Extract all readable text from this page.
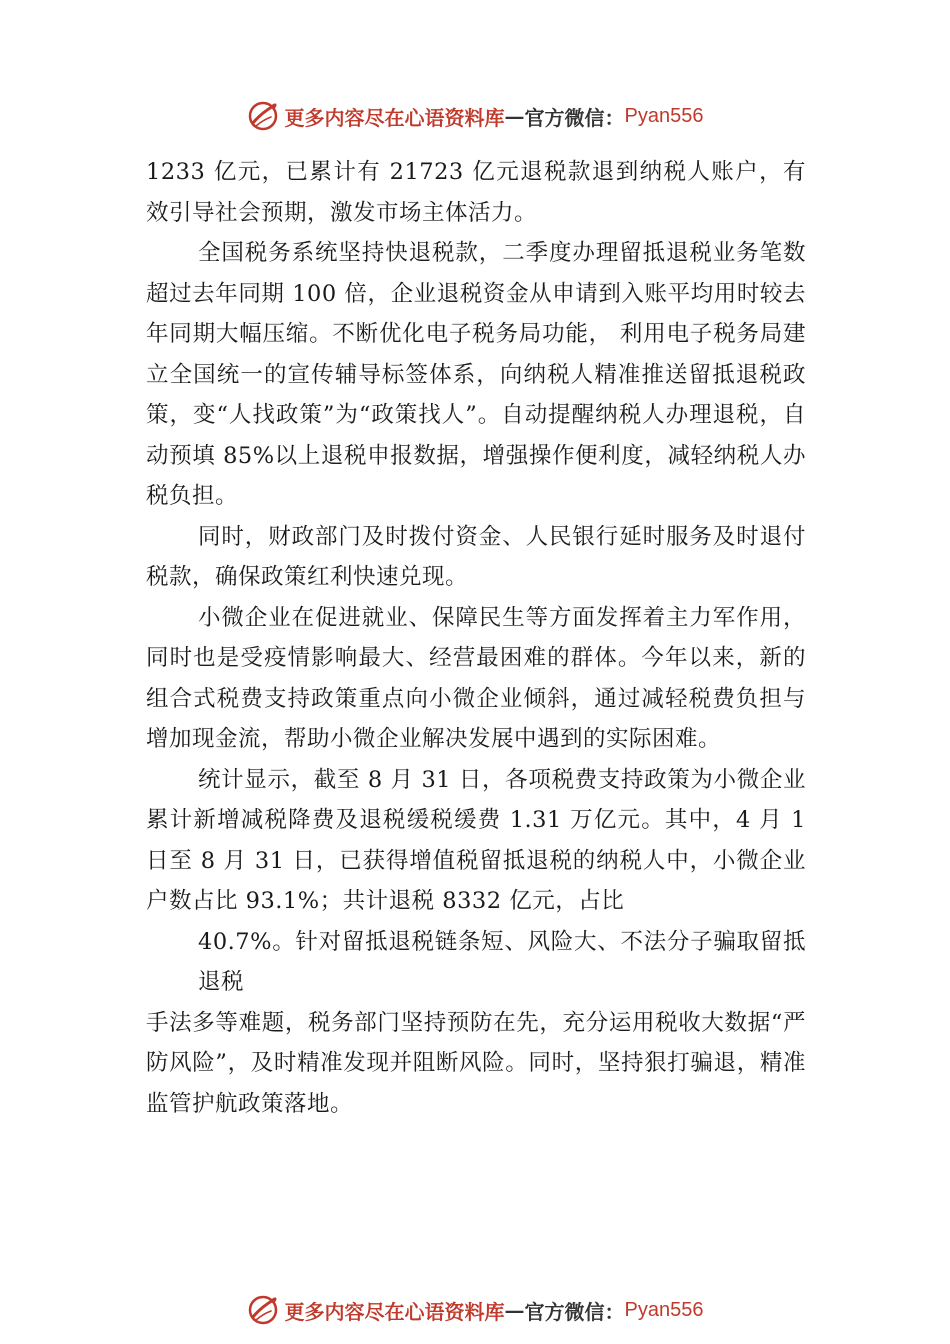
更多内容尽在心语资料库 — 官方微信： Pyan556

1233 亿元，已累计有 21723 亿元退税款退到纳税人账户，有效引导社会预期，激发市场主体活力。

全国税务系统坚持快退税款，二季度办理留抵退税业务笔数超过去年同期 100 倍，企业退税资金从申请到入账平均用时较去年同期大幅压缩。不断优化电子税务局功能， 利用电子税务局建立全国统一的宣传辅导标签体系，向纳税人精准推送留抵退税政策，变“人找政策”为“政策找人”。自动提醒纳税人办理退税，自动预填 85%以上退税申报数据，增强操作便利度，减轻纳税人办税负担。

同时，财政部门及时拨付资金、人民银行延时服务及时退付税款，确保政策红利快速兑现。

小微企业在促进就业、保障民生等方面发挥着主力军作用，同时也是受疫情影响最大、经营最困难的群体。今年以来，新的组合式税费支持政策重点向小微企业倾斜，通过减轻税费负担与增加现金流，帮助小微企业解决发展中遇到的实际困难。

统计显示，截至 8 月 31 日，各项税费支持政策为小微企业累计新增减税降费及退税缓税缓费 1.31 万亿元。其中，4 月 1 日至 8 月 31 日，已获得增值税留抵退税的纳税人中，小微企业户数占比 93.1%；共计退税 8332 亿元，占比

40.7%。针对留抵退税链条短、风险大、不法分子骗取留抵退税

手法多等难题，税务部门坚持预防在先，充分运用税收大数据“严防风险”，及时精准发现并阻断风险。同时，坚持狠打骗退，精准监管护航政策落地。

更多内容尽在心语资料库 — 官方微信： Pyan556
